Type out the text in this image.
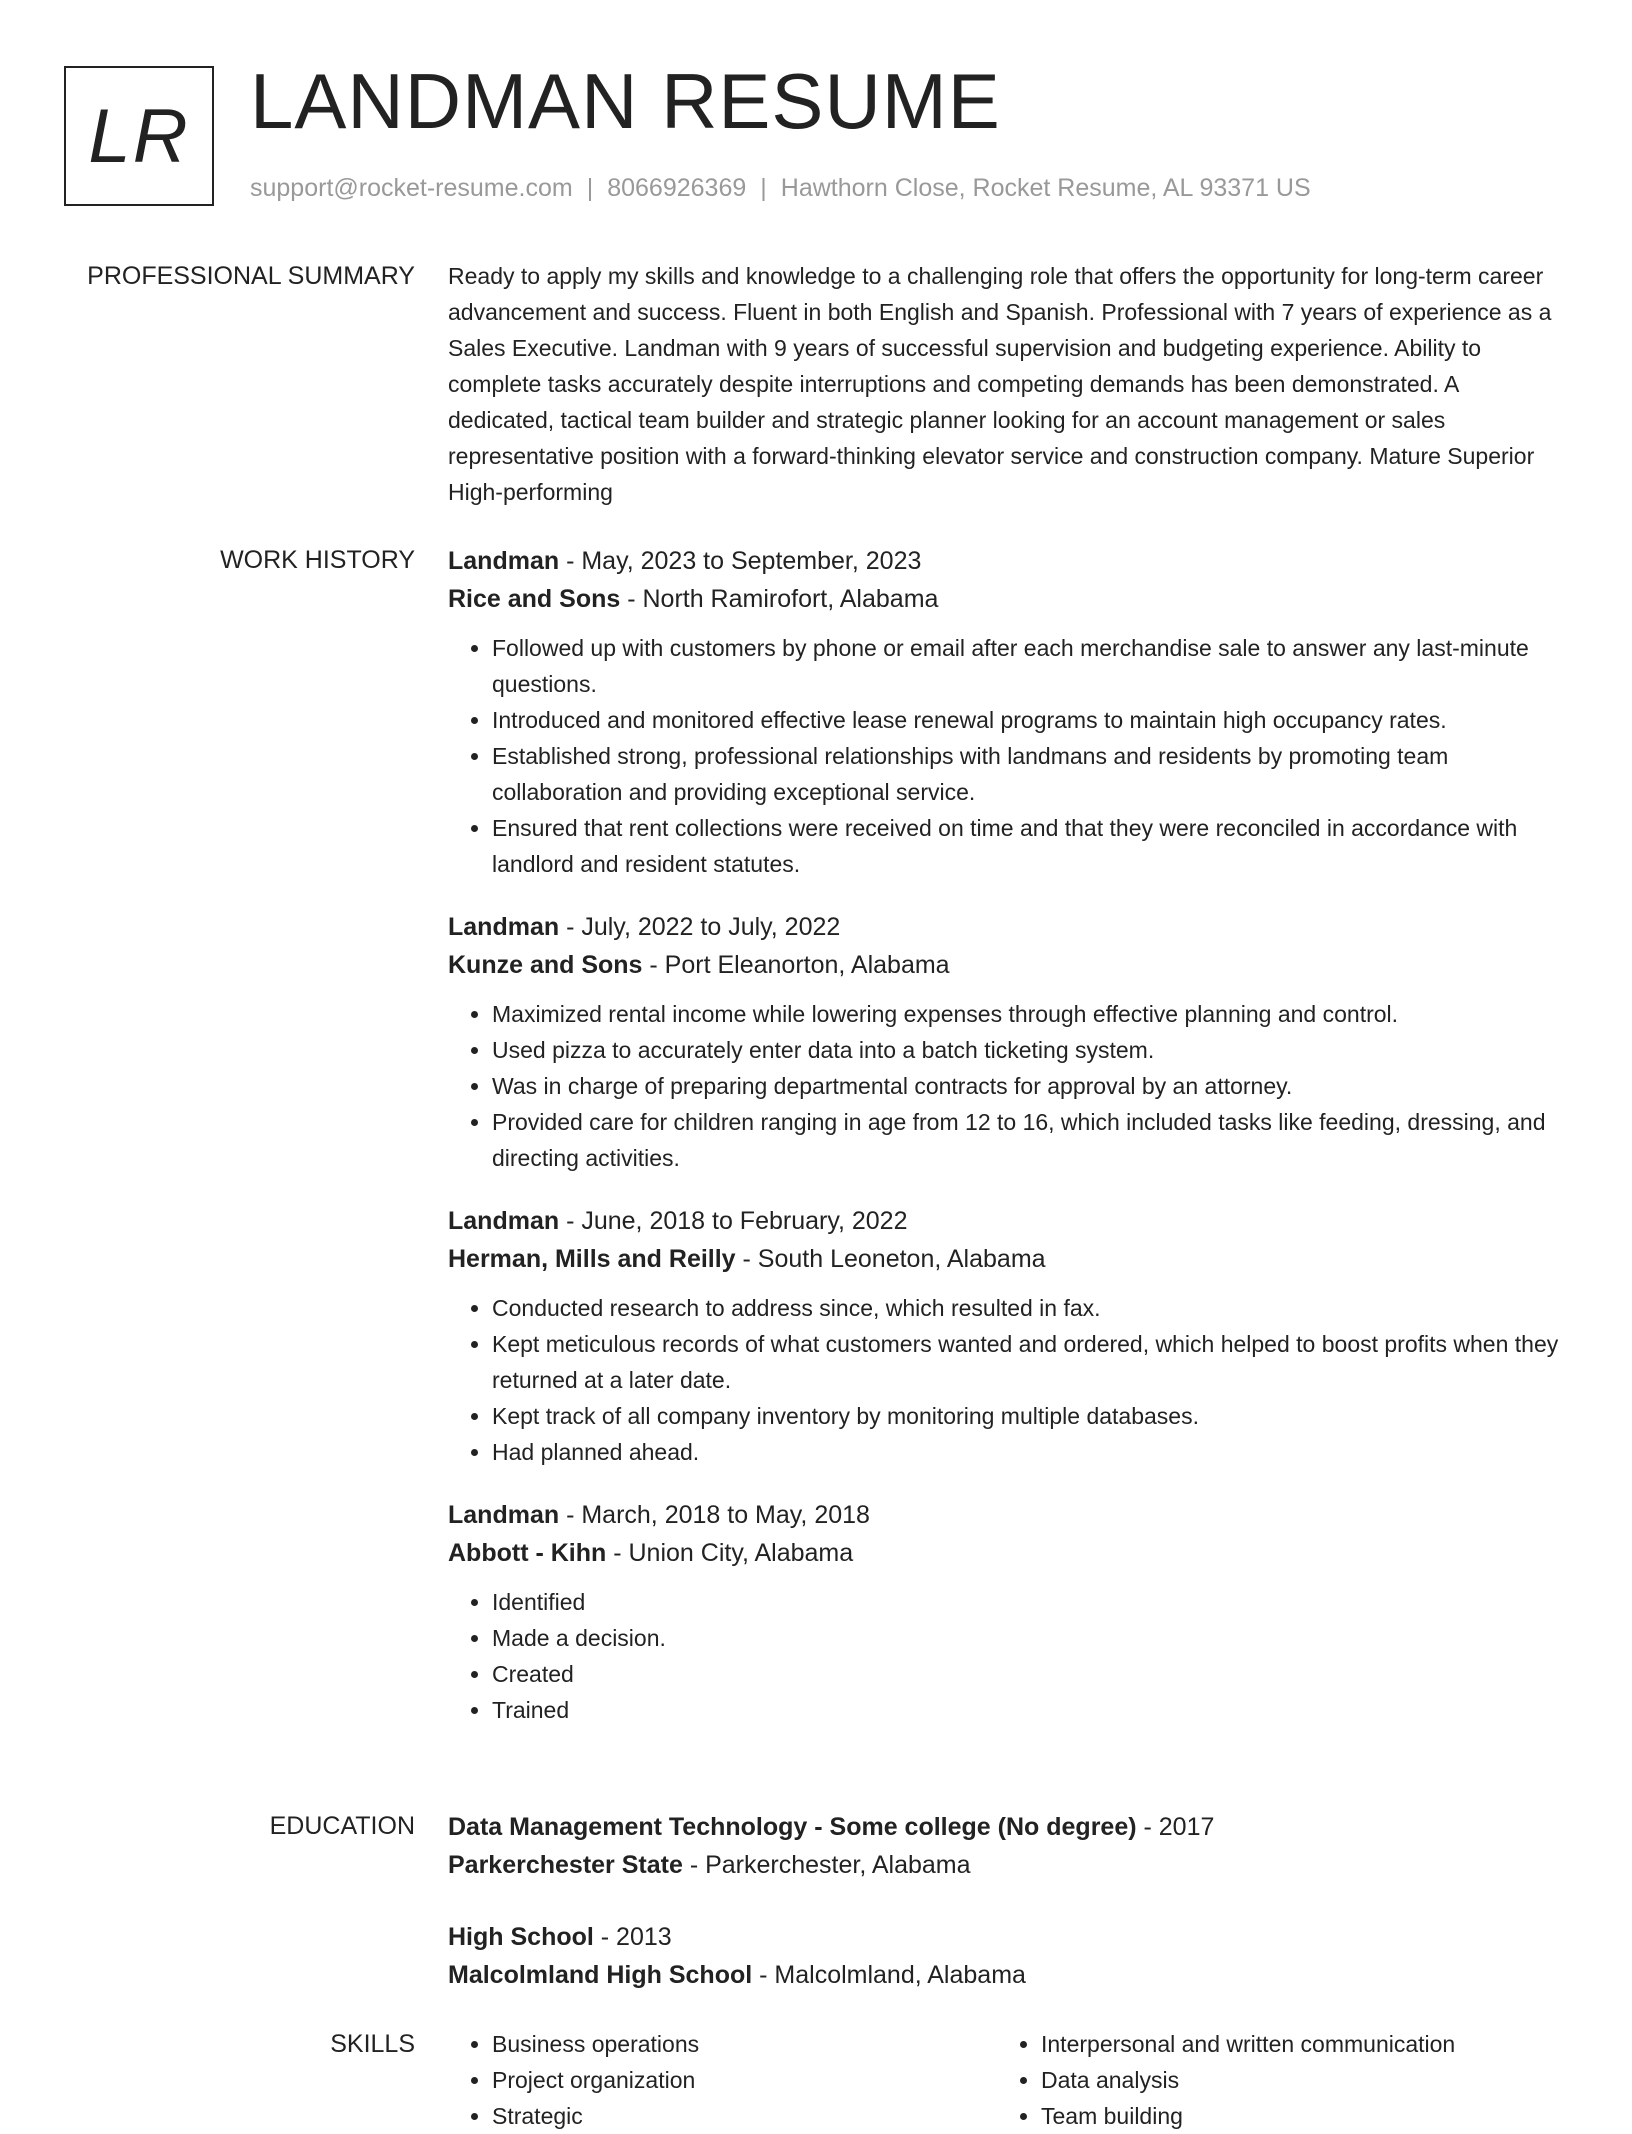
LR LANDMAN RESUME
support@rocket-resume.com | 8066926369 | Hawthorn Close, Rocket Resume, AL 93371 US
PROFESSIONAL SUMMARY Ready to apply my skills and knowledge to a challenging role that offers the opportunity for long-term career advancement and success. Fluent in both English and Spanish. Professional with 7 years of experience as a Sales Executive. Landman with 9 years of successful supervision and budgeting experience. Ability to complete tasks accurately despite interruptions and competing demands has been demonstrated. A dedicated, tactical team builder and strategic planner looking for an account management or sales representative position with a forward-thinking elevator service and construction company. Mature Superior High-performing

WORK HISTORY Landman - May, 2023 to September, 2023
Rice and Sons - North Ramirofort, Alabama
• Followed up with customers by phone or email after each merchandise sale to answer any last-minute questions.
• Introduced and monitored effective lease renewal programs to maintain high occupancy rates.
• Established strong, professional relationships with landmans and residents by promoting team collaboration and providing exceptional service.
• Ensured that rent collections were received on time and that they were reconciled in accordance with landlord and resident statutes.
Landman - July, 2022 to July, 2022
Kunze and Sons - Port Eleanorton, Alabama
• Maximized rental income while lowering expenses through effective planning and control.
• Used pizza to accurately enter data into a batch ticketing system.
• Was in charge of preparing departmental contracts for approval by an attorney.
• Provided care for children ranging in age from 12 to 16, which included tasks like feeding, dressing, and directing activities.
Landman - June, 2018 to February, 2022
Herman, Mills and Reilly - South Leoneton, Alabama
• Conducted research to address since, which resulted in fax.
• Kept meticulous records of what customers wanted and ordered, which helped to boost profits when they returned at a later date.
• Kept track of all company inventory by monitoring multiple databases.
• Had planned ahead.
Landman - March, 2018 to May, 2018
Abbott - Kihn - Union City, Alabama
• Identified
• Made a decision.
• Created
• Trained
EDUCATION Data Management Technology - Some college (No degree) - 2017
Parkerchester State - Parkerchester, Alabama
High School - 2013
Malcolmland High School - Malcolmland, Alabama
SKILLS
•	Business operations
• Project organization
• Strategic
• Interpersonal and written communication
• Data analysis
• Team building
